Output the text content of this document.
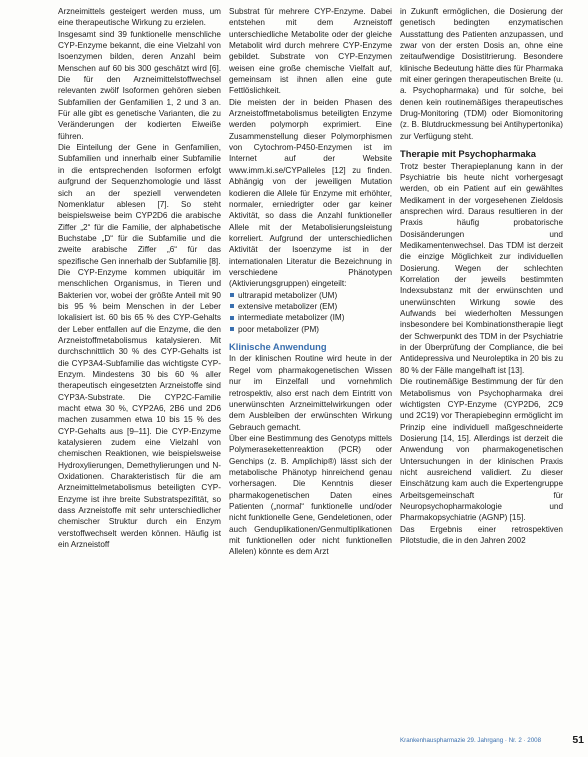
Arzneimittels gesteigert werden muss, um eine therapeutische Wirkung zu erzielen.

Insgesamt sind 39 funktionelle menschliche CYP-Enzyme bekannt, die eine Vielzahl von Isoenzymen bilden, deren Anzahl beim Menschen auf 60 bis 300 geschätzt wird [6]. Die für den Arzneimittelstoffwechsel relevanten zwölf Isoformen gehören sieben Subfamilien der Genfamilien 1, 2 und 3 an. Für alle gibt es genetische Varianten, die zu Veränderungen der kodierten Eiweiße führen.

Die Einteilung der Gene in Genfamilien, Subfamilien und innerhalb einer Subfamilie in die entsprechenden Isoformen erfolgt aufgrund der Sequenzhomologie und lässt sich an der speziell verwendeten Nomenklatur ablesen [7]. So steht beispielsweise beim CYP2D6 die arabische Ziffer „2“ für die Familie, der alphabetische Buchstabe „D“ für die Subfamilie und die zweite arabische Ziffer „6“ für das spezifische Gen innerhalb der Subfamilie [8].

Die CYP-Enzyme kommen ubiquitär im menschlichen Organismus, in Tieren und Bakterien vor, wobei der größte Anteil mit 90 bis 95 % beim Menschen in der Leber lokalisiert ist. 60 bis 65 % des CYP-Gehalts der Leber entfallen auf die Enzyme, die den Arzneistoffmetabolismus katalysieren. Mit durchschnittlich 30 % des CYP-Gehalts ist die CYP3A4-Subfamilie das wichtigste CYP-Enzym. Mindestens 30 bis 60 % aller therapeutisch eingesetzten Arzneistoffe sind CYP3A-Substrate. Die CYP2C-Familie macht etwa 30 %, CYP2A6, 2B6 und 2D6 machen zusammen etwa 10 bis 15 % des CYP-Gehalts aus [9–11]. Die CYP-Enzyme katalysieren zudem eine Vielzahl von chemischen Reaktionen, wie beispielsweise Hydroxylierungen, Demethylierungen und N-Oxidationen. Charakteristisch für die am Arzneimittelmetabolismus beteiligten CYP-Enzyme ist ihre breite Substratspezifität, so dass Arzneistoffe mit sehr unterschiedlicher chemischer Struktur durch ein Enzym verstoffwechselt werden können. Häufig ist ein Arzneistoff

Substrat für mehrere CYP-Enzyme. Dabei entstehen mit dem Arzneistoff unterschiedliche Metabolite oder der gleiche Metabolit wird durch mehrere CYP-Enzyme gebildet. Substrate von CYP-Enzymen weisen eine große chemische Vielfalt auf, gemeinsam ist ihnen allen eine gute Fettlöslichkeit.

Die meisten der in beiden Phasen des Arzneistoffmetabolismus beteiligten Enzyme werden polymorph exprimiert. Eine Zusammenstellung dieser Polymorphismen von Cytochrom-P450-Enzymen ist im Internet auf der Website www.imm.ki.se/CYPalleles [12] zu finden. Abhängig von der jeweiligen Mutation kodieren die Allele für Enzyme mit erhöhter, normaler, erniedrigter oder gar keiner Aktivität, so dass die Anzahl funktioneller Allele mit der Metabolisierungsleistung korreliert. Aufgrund der unterschiedlichen Aktivität der Isoenzyme ist in der internationalen Literatur die Bezeichnung in verschiedene Phänotypen (Aktivierungsgruppen) eingeteilt:

ultrarapid metabolizer (UM)
extensive metabolizer (EM)
intermediate metabolizer (IM)
poor metabolizer (PM)
Klinische Anwendung

In der klinischen Routine wird heute in der Regel vom pharmakogenetischen Wissen nur im Einzelfall und vornehmlich retrospektiv, also erst nach dem Eintritt von unerwünschten Arzneimittelwirkungen oder dem Ausbleiben der erwünschten Wirkung Gebrauch gemacht.

Über eine Bestimmung des Genotyps mittels Polymerasekettenreaktion (PCR) oder Genchips (z. B. Amplichip®) lässt sich der metabolische Phänotyp hinreichend genau vorhersagen. Die Kenntnis dieser pharmakogenetischen Daten eines Patienten („normal“ funktionelle und/oder nicht funktionelle Gene, Gendeletionen, oder auch Genduplikationen/Genmultiplikationen mit funktionellen oder nicht funktionellen Allelen) könnte es dem Arzt

in Zukunft ermöglichen, die Dosierung der genetisch bedingten enzymatischen Ausstattung des Patienten anzupassen, und zwar von der ersten Dosis an, ohne eine zeitaufwendige Dosistitrierung. Besondere klinische Bedeutung hätte dies für Pharmaka mit einer geringen therapeutischen Breite (u. a. Psychopharmaka) und für solche, bei denen kein routinemäßiges therapeutisches Drug-Monitoring (TDM) oder Biomonitoring (z. B. Blutdruckmessung bei Antihypertonika) zur Verfügung steht.

Therapie mit Psychopharmaka

Trotz bester Therapieplanung kann in der Psychiatrie bis heute nicht vorhergesagt werden, ob ein Patient auf ein gewähltes Medikament in der vorgesehenen Zieldosis ansprechen wird. Daraus resultieren in der Praxis häufig probatorische Dosisänderungen und Medikamentenwechsel. Das TDM ist derzeit die einzige Möglichkeit zur individuellen Dosierung. Wegen der schlechten Korrelation der jeweils bestimmten Indexsubstanz mit der erwünschten und unerwünschten Wirkung sowie des Aufwands bei wiederholten Messungen insbesondere bei Kombinationstherapie liegt der Schwerpunkt des TDM in der Psychiatrie in der Überprüfung der Compliance, die bei Antidepressiva und Neuroleptika in 20 bis zu 80 % der Fälle mangelhaft ist [13].

Die routinemäßige Bestimmung der für den Metabolismus von Psychopharmaka drei wichtigsten CYP-Enzyme (CYP2D6, 2C9 und 2C19) vor Therapiebeginn ermöglicht im Prinzip eine individuell maßgeschneiderte Dosierung [14, 15]. Allerdings ist derzeit die Anwendung von pharmakogenetischen Untersuchungen in der klinischen Praxis nicht ausreichend validiert. Zu dieser Einschätzung kam auch die Expertengruppe Arbeitsgemeinschaft für Neuropsychopharmakologie und Pharmakopsychiatrie (AGNP) [15].

Das Ergebnis einer retrospektiven Pilotstudie, die in den Jahren 2002

Krankenhauspharmazie 29. Jahrgang · Nr. 2 · 2008	51
